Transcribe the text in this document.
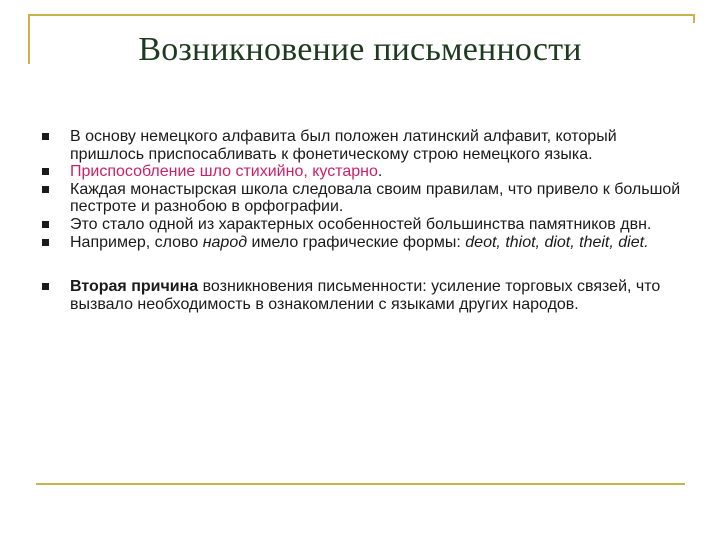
Возникновение письменности
В основу немецкого алфавита был положен латинский алфавит, который пришлось приспосабливать к фонетическому строю немецкого языка.
Приспособление шло стихийно, кустарно.
Каждая монастырская школа следовала своим правилам, что привело к большой пестроте и разнобою в орфографии.
Это стало одной из характерных особенностей большинства памятников двн.
Например, слово народ имело графические формы: deot, thiot, diot, theit, diet.
Вторая причина возникновения письменности: усиление торговых связей, что вызвало необходимость в ознакомлении с языками других народов.
